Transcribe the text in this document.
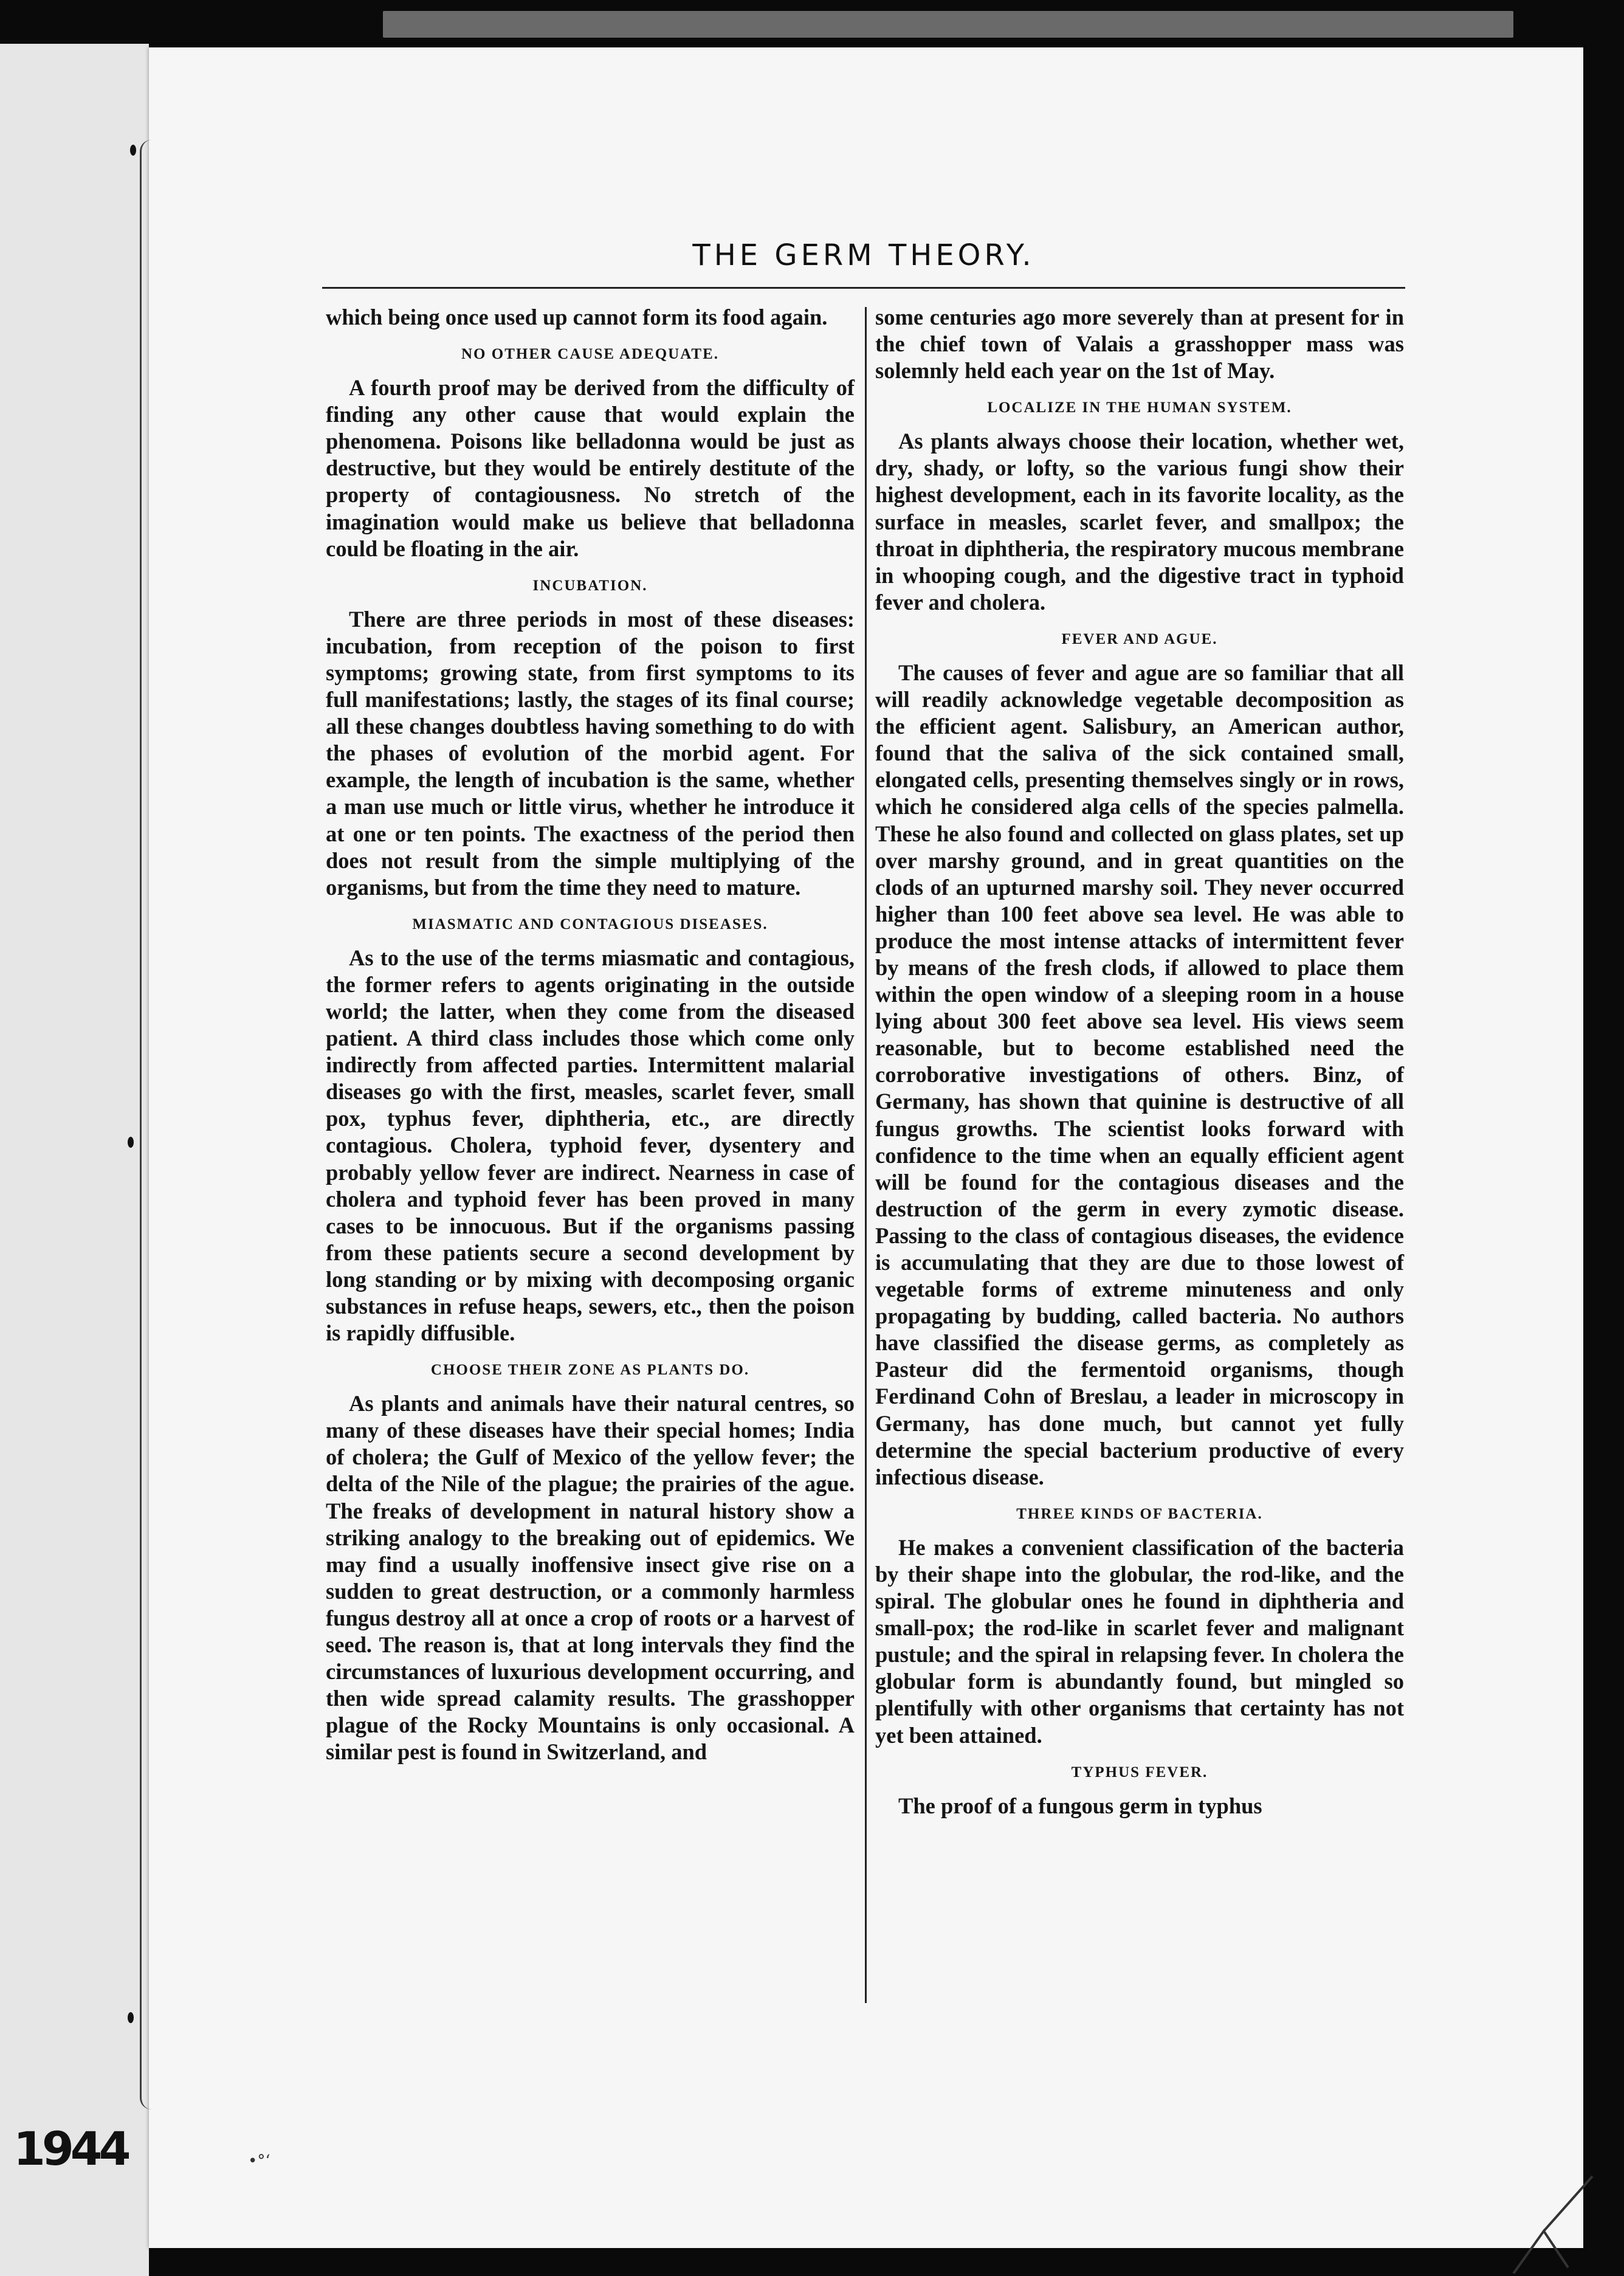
1944	•°ʻ
THE GERM THEORY.

which being once used up cannot form its food again.

NO OTHER CAUSE ADEQUATE.

A fourth proof may be derived from the difficulty of finding any other cause that would explain the phenomena. Poisons like belladonna would be just as destructive, but they would be entirely destitute of the property of contagiousness. No stretch of the imagination would make us believe that belladonna could be floating in the air.

INCUBATION.

There are three periods in most of these diseases: incubation, from reception of the poison to first symptoms; growing state, from first symptoms to its full manifestations; lastly, the stages of its final course; all these changes doubtless having something to do with the phases of evolution of the morbid agent. For example, the length of incubation is the same, whether a man use much or little virus, whether he introduce it at one or ten points. The exactness of the period then does not result from the simple multiplying of the organisms, but from the time they need to mature.

MIASMATIC AND CONTAGIOUS DISEASES.

As to the use of the terms miasmatic and contagious, the former refers to agents originating in the outside world; the latter, when they come from the diseased patient. A third class includes those which come only indirectly from affected parties. Intermittent malarial diseases go with the first, measles, scarlet fever, small pox, typhus fever, diphtheria, etc., are directly contagious. Cholera, typhoid fever, dysentery and probably yellow fever are indirect. Nearness in case of cholera and typhoid fever has been proved in many cases to be innocuous. But if the organisms passing from these patients secure a second development by long standing or by mixing with decomposing organic substances in refuse heaps, sewers, etc., then the poison is rapidly diffusible.

CHOOSE THEIR ZONE AS PLANTS DO.

As plants and animals have their natural centres, so many of these diseases have their special homes; India of cholera; the Gulf of Mexico of the yellow fever; the delta of the Nile of the plague; the prairies of the ague. The freaks of development in natural history show a striking analogy to the breaking out of epidemics. We may find a usually inoffensive insect give rise on a sudden to great destruction, or a commonly harmless fungus destroy all at once a crop of roots or a harvest of seed. The reason is, that at long intervals they find the circumstances of luxurious development occurring, and then wide spread calamity results. The grasshopper plague of the Rocky Mountains is only occasional. A similar pest is found in Switzerland, and

some centuries ago more severely than at present for in the chief town of Valais a grasshopper mass was solemnly held each year on the 1st of May.

LOCALIZE IN THE HUMAN SYSTEM.

As plants always choose their location, whether wet, dry, shady, or lofty, so the various fungi show their highest development, each in its favorite locality, as the surface in measles, scarlet fever, and smallpox; the throat in diphtheria, the respiratory mucous membrane in whooping cough, and the digestive tract in typhoid fever and cholera.

FEVER AND AGUE.

The causes of fever and ague are so familiar that all will readily acknowledge vegetable decomposition as the efficient agent. Salisbury, an American author, found that the saliva of the sick contained small, elongated cells, presenting themselves singly or in rows, which he considered alga cells of the species palmella. These he also found and collected on glass plates, set up over marshy ground, and in great quantities on the clods of an upturned marshy soil. They never occurred higher than 100 feet above sea level. He was able to produce the most intense attacks of intermittent fever by means of the fresh clods, if allowed to place them within the open window of a sleeping room in a house lying about 300 feet above sea level. His views seem reasonable, but to become established need the corroborative investigations of others. Binz, of Germany, has shown that quinine is destructive of all fungus growths. The scientist looks forward with confidence to the time when an equally efficient agent will be found for the contagious diseases and the destruction of the germ in every zymotic disease. Passing to the class of contagious diseases, the evidence is accumulating that they are due to those lowest of vegetable forms of extreme minuteness and only propagating by budding, called bacteria. No authors have classified the disease germs, as completely as Pasteur did the fermentoid organisms, though Ferdinand Cohn of Breslau, a leader in microscopy in Germany, has done much, but cannot yet fully determine the special bacterium productive of every infectious disease.

THREE KINDS OF BACTERIA.

He makes a convenient classification of the bacteria by their shape into the globular, the rod-like, and the spiral. The globular ones he found in diphtheria and small-pox; the rod-like in scarlet fever and malignant pustule; and the spiral in relapsing fever. In cholera the globular form is abundantly found, but mingled so plentifully with other organisms that certainty has not yet been attained.

TYPHUS FEVER.

The proof of a fungous germ in typhus
